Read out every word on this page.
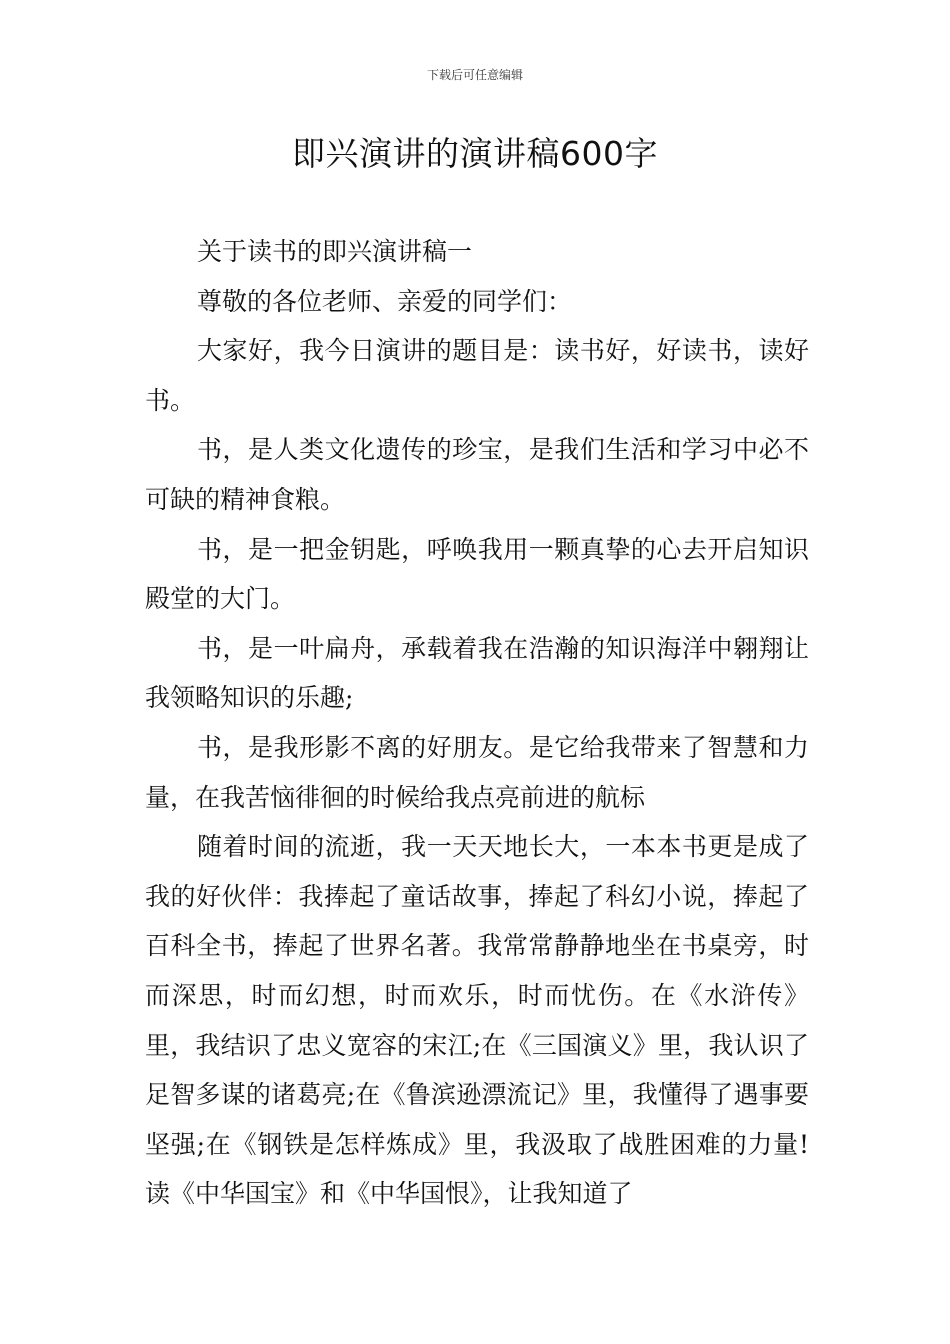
下载后可任意编辑
即兴演讲的演讲稿600字

关于读书的即兴演讲稿一

尊敬的各位老师、亲爱的同学们：

大家好，我今日演讲的题目是：读书好，好读书，读好书。

书，是人类文化遗传的珍宝，是我们生活和学习中必不可缺的精神食粮。

书，是一把金钥匙，呼唤我用一颗真挚的心去开启知识殿堂的大门。

书，是一叶扁舟，承载着我在浩瀚的知识海洋中翱翔让我领略知识的乐趣;

书，是我形影不离的好朋友。是它给我带来了智慧和力量，在我苦恼徘徊的时候给我点亮前进的航标

随着时间的流逝，我一天天地长大，一本本书更是成了我的好伙伴：我捧起了童话故事，捧起了科幻小说，捧起了百科全书，捧起了世界名著。我常常静静地坐在书桌旁，时而深思，时而幻想，时而欢乐，时而忧伤。在《水浒传》里，我结识了忠义宽容的宋江;在《三国演义》里，我认识了足智多谋的诸葛亮;在《鲁滨逊漂流记》里，我懂得了遇事要坚强;在《钢铁是怎样炼成》里，我汲取了战胜困难的力量!读《中华国宝》和《中华国恨》，让我知道了
